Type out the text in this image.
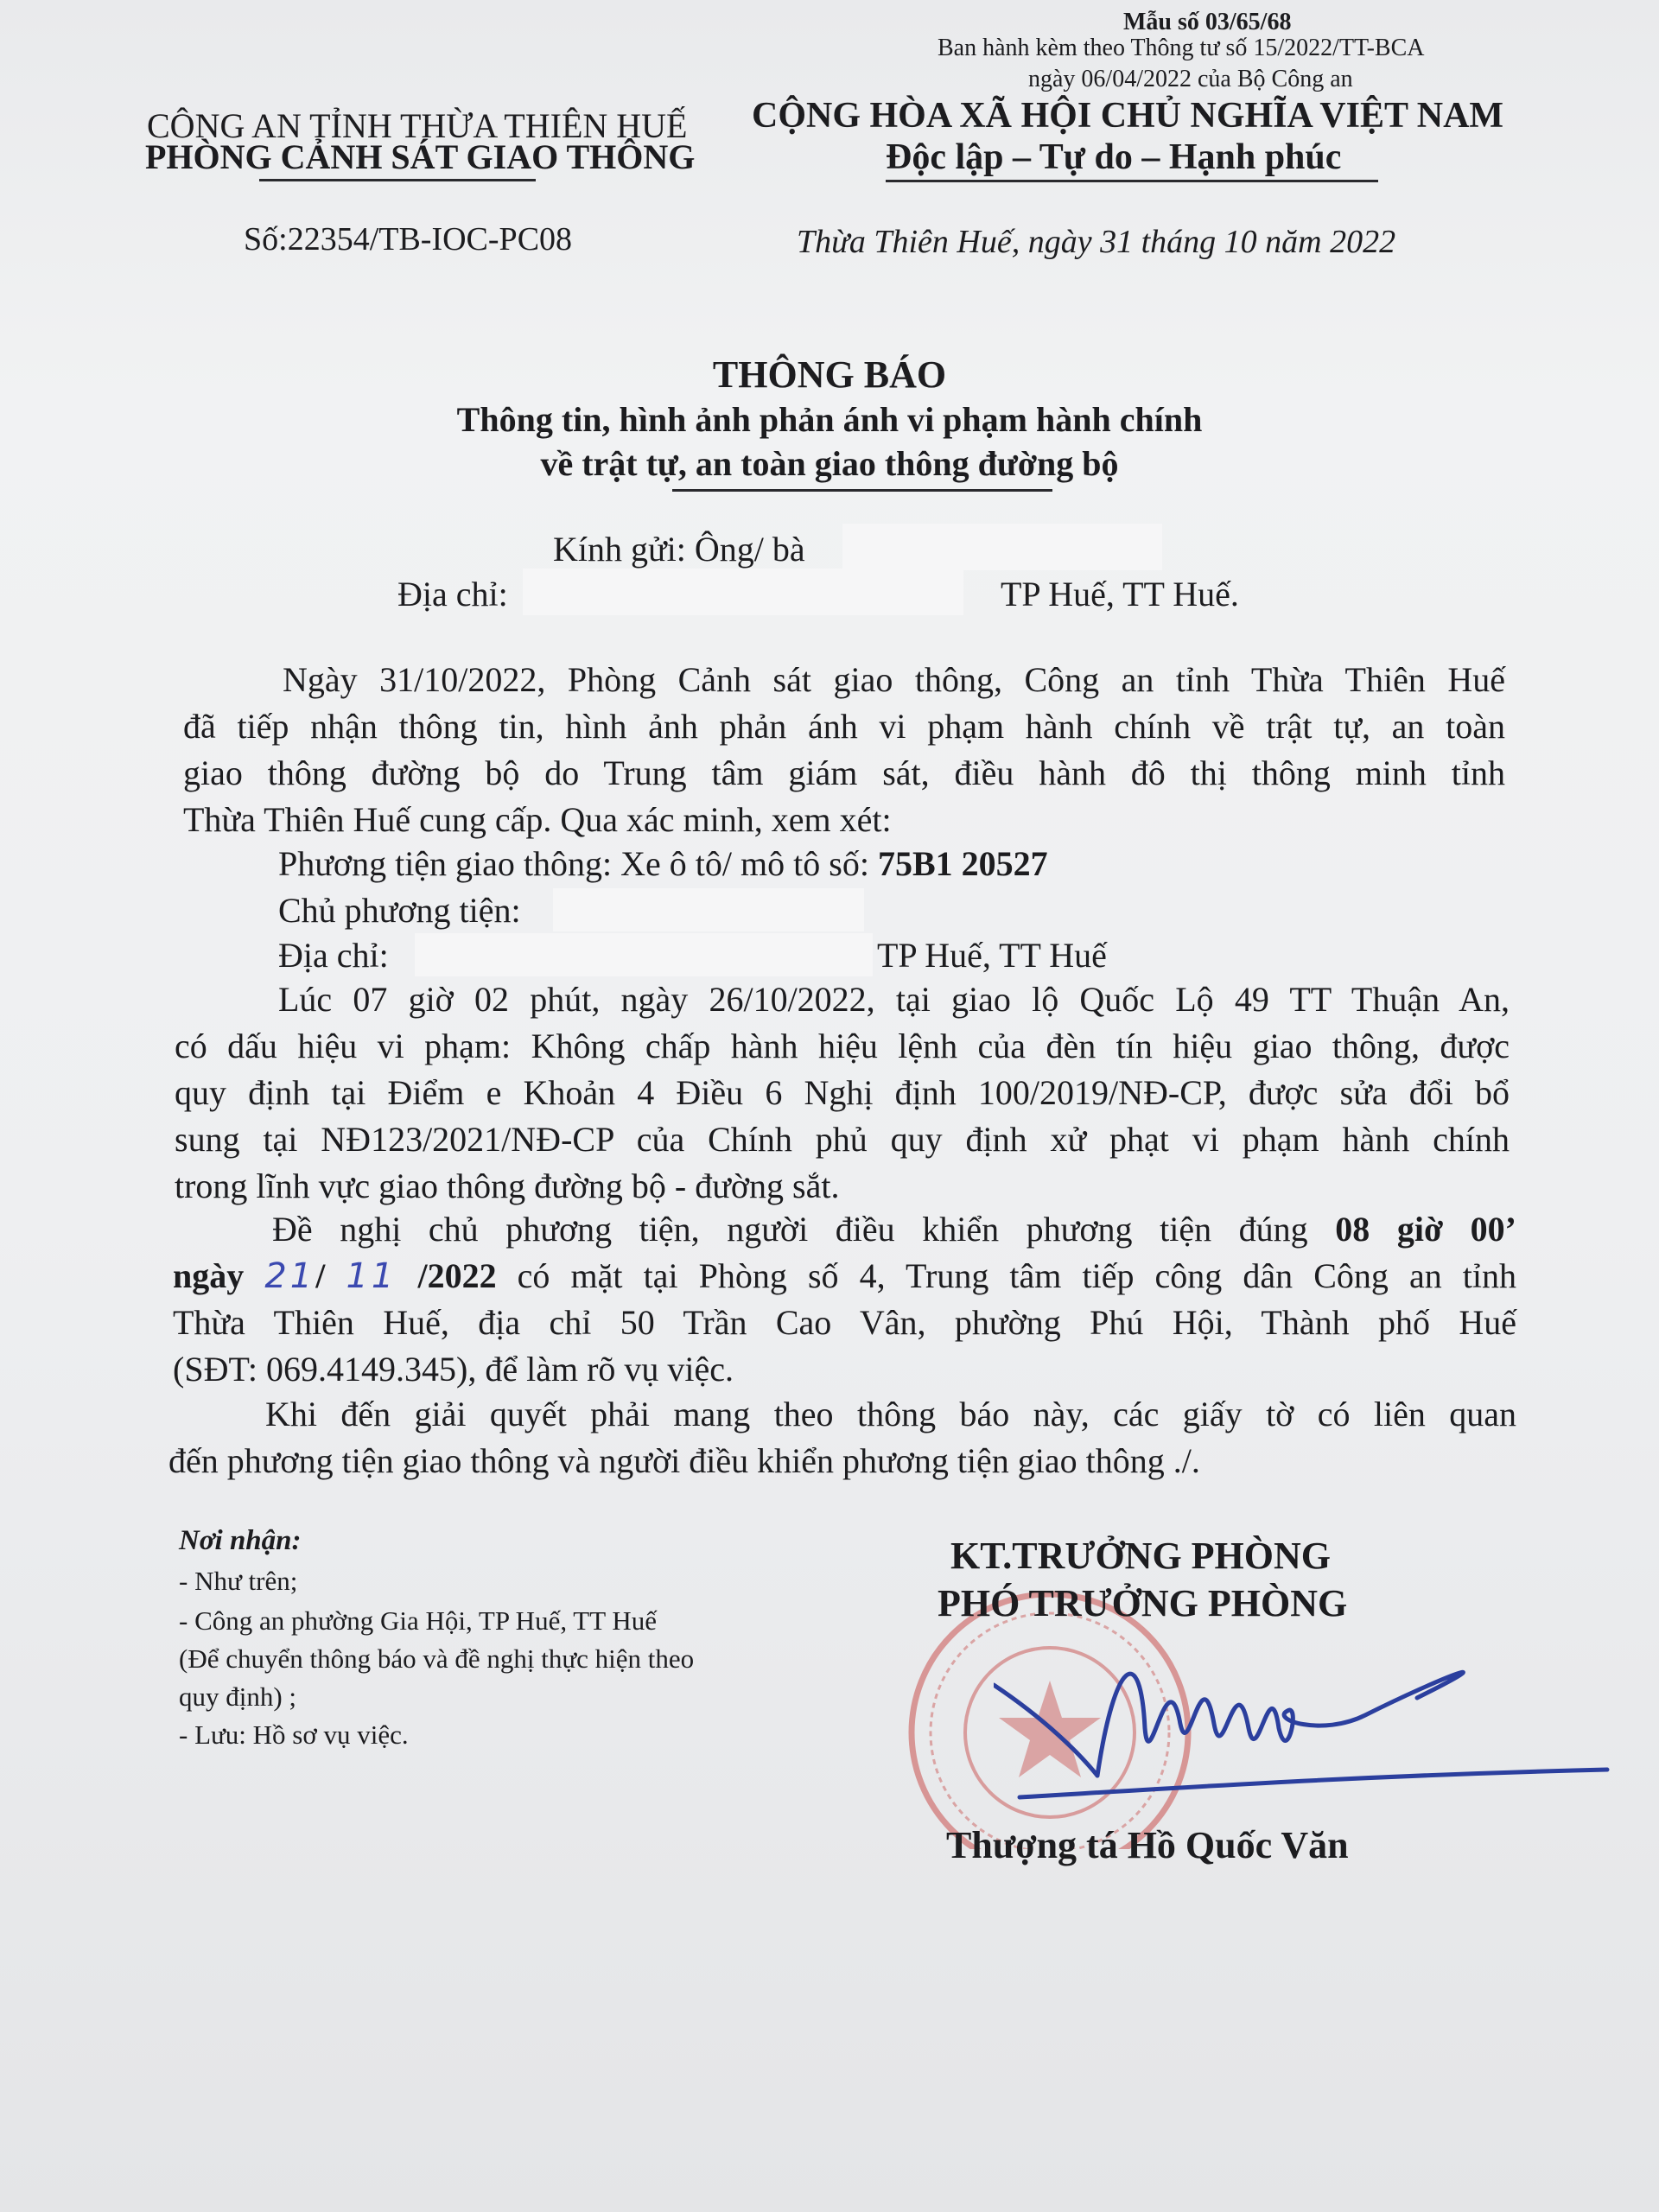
Mẫu số 03/65/68
Ban hành kèm theo Thông tư số 15/2022/TT-BCA
ngày 06/04/2022 của Bộ Công an
CÔNG AN TỈNH THỪA THIÊN HUẾ
PHÒNG CẢNH SÁT GIAO THÔNG
CỘNG HÒA XÃ HỘI CHỦ NGHĨA VIỆT NAM
Độc lập – Tự do – Hạnh phúc
Số:22354/TB-IOC-PC08	Thừa Thiên Huế, ngày 31 tháng 10 năm 2022
THÔNG BÁO
Thông tin, hình ảnh phản ánh vi phạm hành chính
về trật tự, an toàn giao thông đường bộ
Kính gửi: Ông/ bà
Địa chỉ:	TP Huế, TT Huế.
Ngày 31/10/2022, Phòng Cảnh sát giao thông, Công an tỉnh Thừa Thiên Huế
đã tiếp nhận thông tin, hình ảnh phản ánh vi phạm hành chính về trật tự, an toàn
giao thông đường bộ do Trung tâm giám sát, điều hành đô thị thông minh tỉnh
Thừa Thiên Huế cung cấp. Qua xác minh, xem xét:
Phương tiện giao thông: Xe ô tô/ mô tô số: 75B1 20527
Chủ phương tiện:
Địa chỉ:	TP Huế, TT Huế
Lúc 07 giờ 02 phút, ngày 26/10/2022, tại giao lộ Quốc Lộ 49 TT Thuận An,
có dấu hiệu vi phạm: Không chấp hành hiệu lệnh của đèn tín hiệu giao thông, được
quy định tại Điểm e Khoản 4 Điều 6 Nghị định 100/2019/NĐ-CP, được sửa đổi bổ
sung tại NĐ123/2021/NĐ-CP của Chính phủ quy định xử phạt vi phạm hành chính
trong lĩnh vực giao thông đường bộ - đường sắt.
Đề nghị chủ phương tiện, người điều khiển phương tiện đúng 08 giờ 00’
ngày 21/ 11 /2022 có mặt tại Phòng số 4, Trung tâm tiếp công dân Công an tỉnh
Thừa Thiên Huế, địa chỉ 50 Trần Cao Vân, phường Phú Hội, Thành phố Huế
(SĐT: 069.4149.345), để làm rõ vụ việc.
Khi đến giải quyết phải mang theo thông báo này, các giấy tờ có liên quan
đến phương tiện giao thông và người điều khiển phương tiện giao thông ./.
Nơi nhận:
- Như trên;
- Công an phường Gia Hội, TP Huế, TT Huế
(Để chuyển thông báo và đề nghị thực hiện theo
quy định) ;
- Lưu: Hồ sơ vụ việc.
KT.TRƯỞNG PHÒNG
PHÓ TRƯỞNG PHÒNG
Thượng tá Hồ Quốc Văn
